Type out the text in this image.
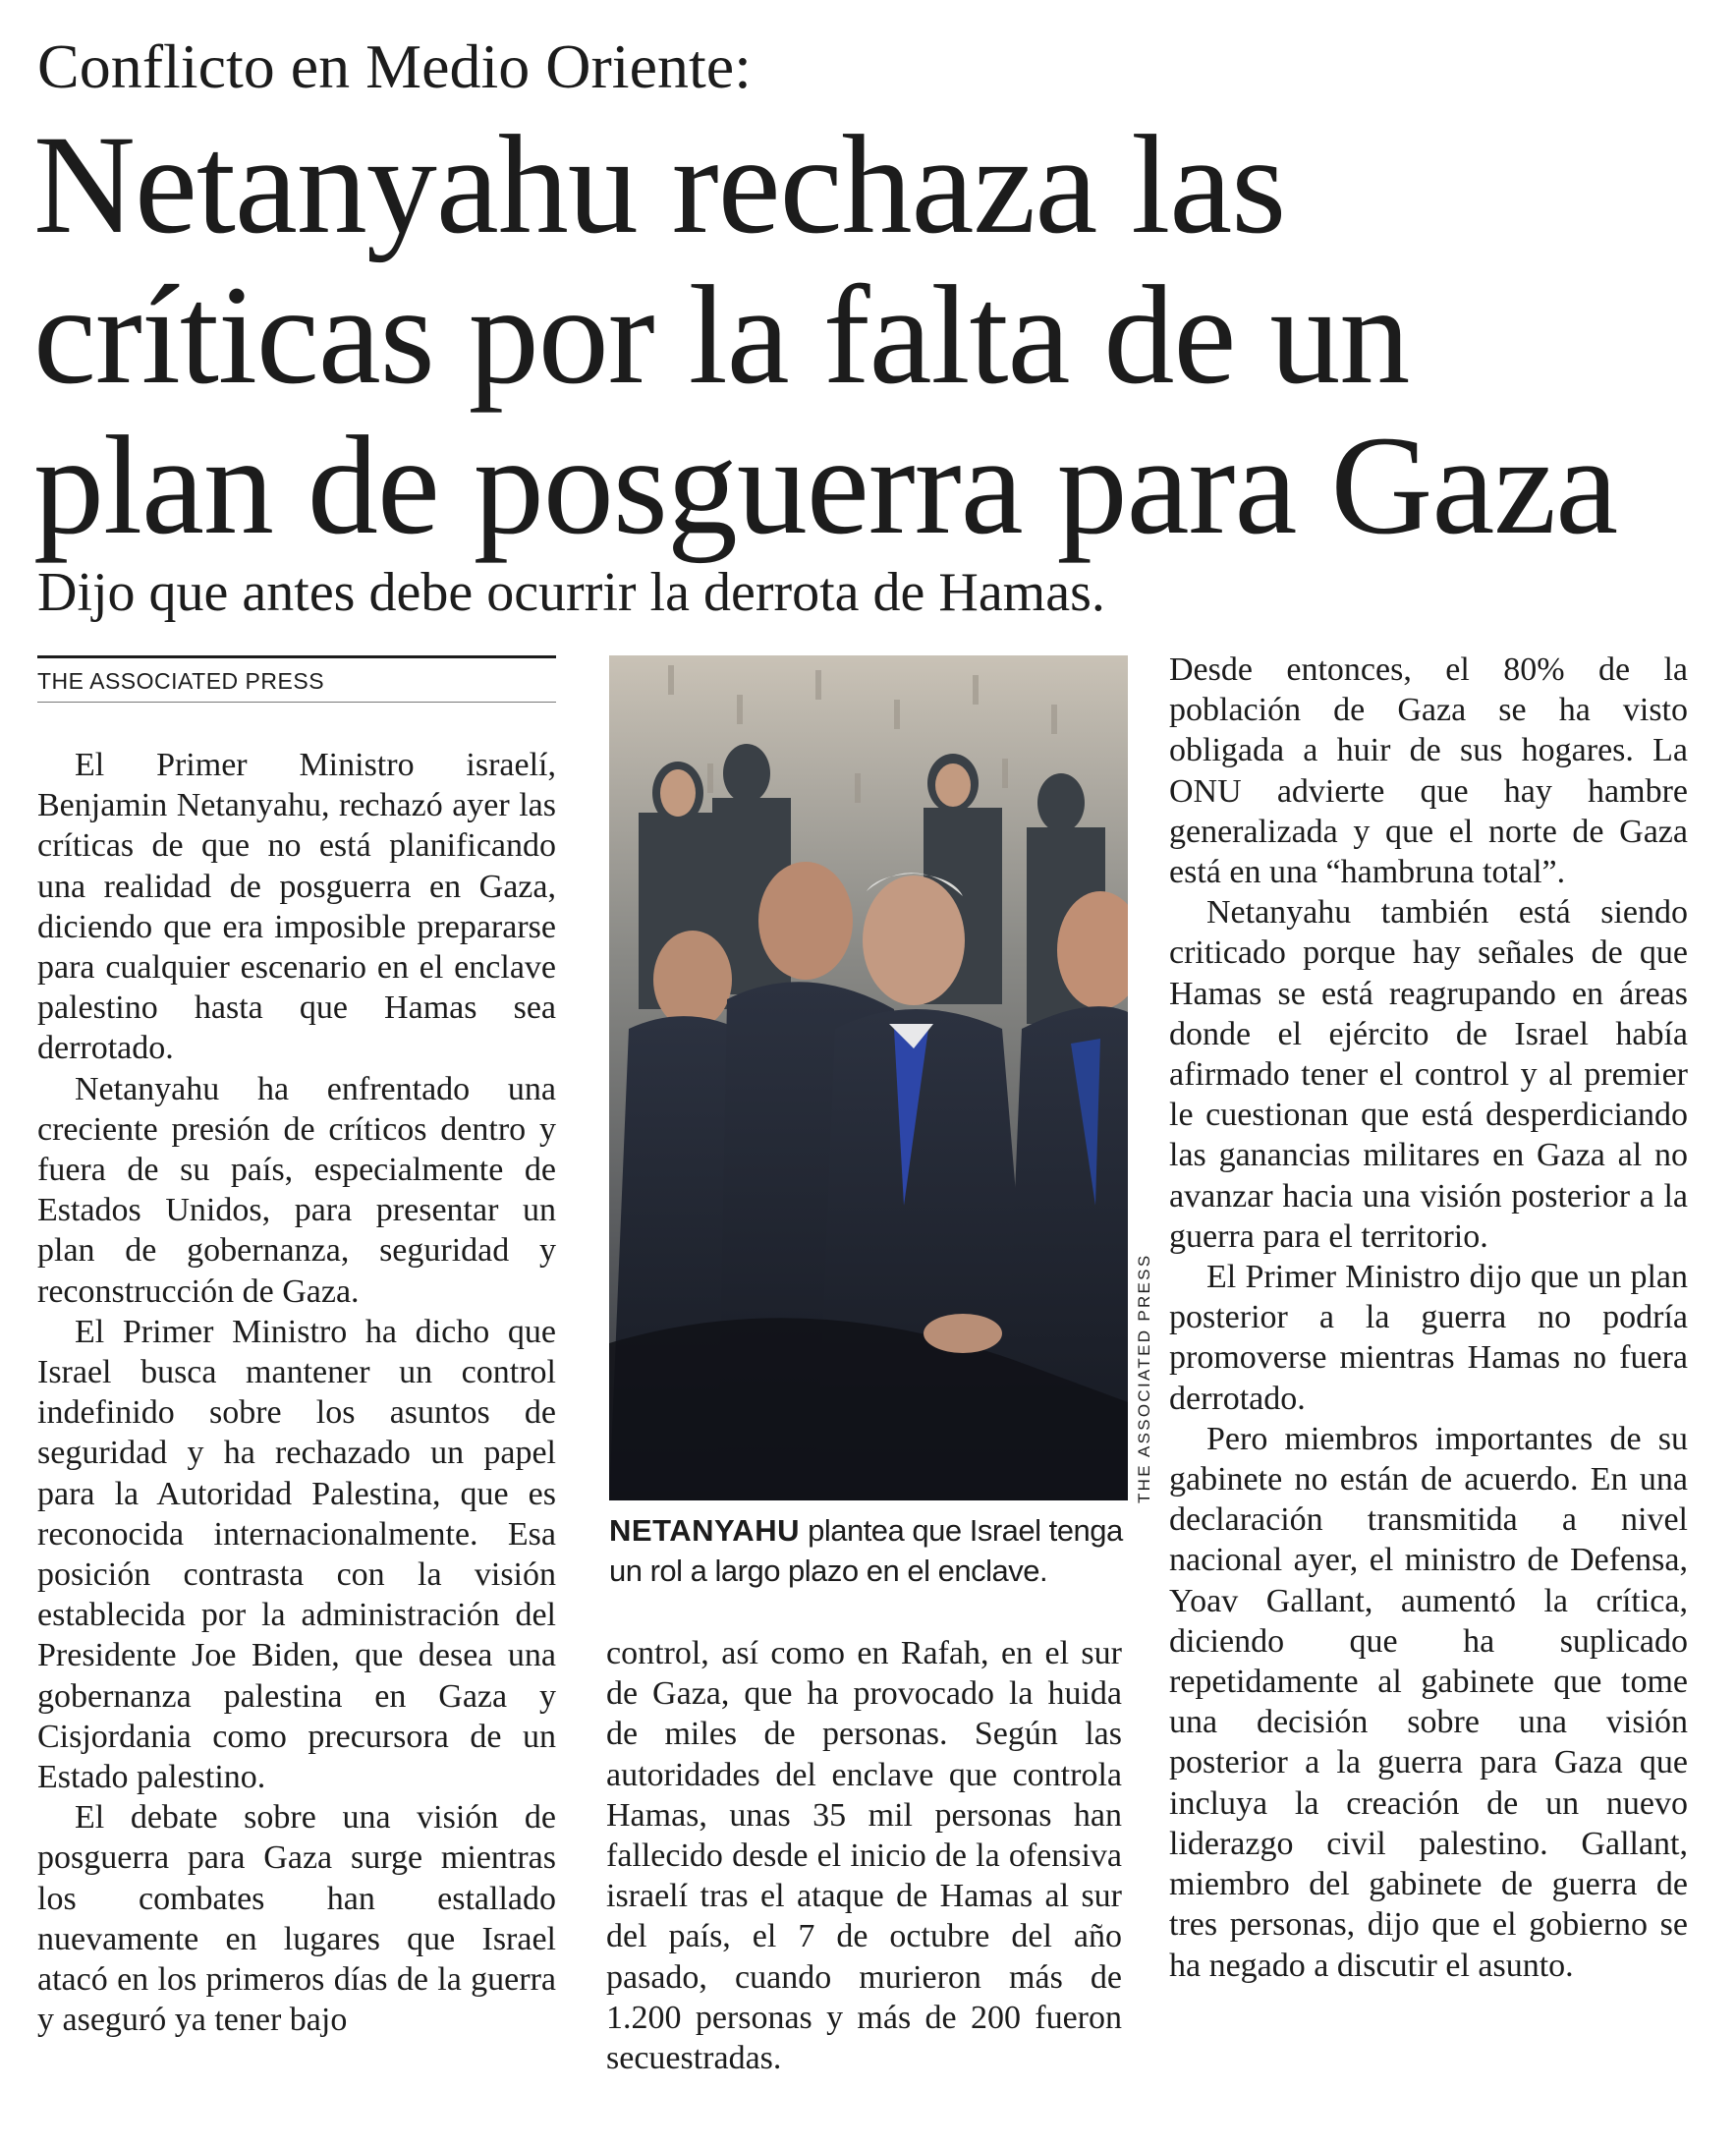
Conflicto en Medio Oriente:
Netanyahu rechaza las
críticas por la falta de un
plan de posguerra para Gaza
Dijo que antes debe ocurrir la derrota de Hamas.
THE ASSOCIATED PRESS

El Primer Ministro israelí, Benjamin Netanyahu, rechazó ayer las críticas de que no está planificando una realidad de posguerra en Gaza, diciendo que era imposible prepararse para cualquier escenario en el enclave palestino hasta que Hamas sea derrotado.

Netanyahu ha enfrentado una creciente presión de críticos dentro y fuera de su país, especialmente de Estados Unidos, para presentar un plan de gobernanza, seguridad y reconstrucción de Gaza.

El Primer Ministro ha dicho que Israel busca mantener un control indefinido sobre los asuntos de seguridad y ha rechazado un papel para la Autoridad Palestina, que es reconocida internacionalmente. Esa posición contrasta con la visión establecida por la administración del Presidente Joe Biden, que desea una gobernanza palestina en Gaza y Cisjordania como precursora de un Estado palestino.

El debate sobre una visión de posguerra para Gaza surge mientras los combates han estallado nuevamente en lugares que Israel atacó en los primeros días de la guerra y aseguró ya tener bajo

THE ASSOCIATED PRESS
NETANYAHU plantea que Israel tenga un rol a largo plazo en el enclave.

control, así como en Rafah, en el sur de Gaza, que ha provocado la huida de miles de personas. Según las autoridades del enclave que controla Hamas, unas 35 mil personas han fallecido desde el inicio de la ofensiva israelí tras el ataque de Hamas al sur del país, el 7 de octubre del año pasado, cuando murieron más de 1.200 personas y más de 200 fueron secuestradas.

Desde entonces, el 80% de la población de Gaza se ha visto obligada a huir de sus hogares. La ONU advierte que hay hambre generalizada y que el norte de Gaza está en una “hambruna total”.

Netanyahu también está siendo criticado porque hay señales de que Hamas se está reagrupando en áreas donde el ejército de Israel había afirmado tener el control y al premier le cuestionan que está desperdiciando las ganancias militares en Gaza al no avanzar hacia una visión posterior a la guerra para el territorio.

El Primer Ministro dijo que un plan posterior a la guerra no podría promoverse mientras Hamas no fuera derrotado.

Pero miembros importantes de su gabinete no están de acuerdo. En una declaración transmitida a nivel nacional ayer, el ministro de Defensa, Yoav Gallant, aumentó la crítica, diciendo que ha suplicado repetidamente al gabinete que tome una decisión sobre una visión posterior a la guerra para Gaza que incluya la creación de un nuevo liderazgo civil palestino. Gallant, miembro del gabinete de guerra de tres personas, dijo que el gobierno se ha negado a discutir el asunto.
